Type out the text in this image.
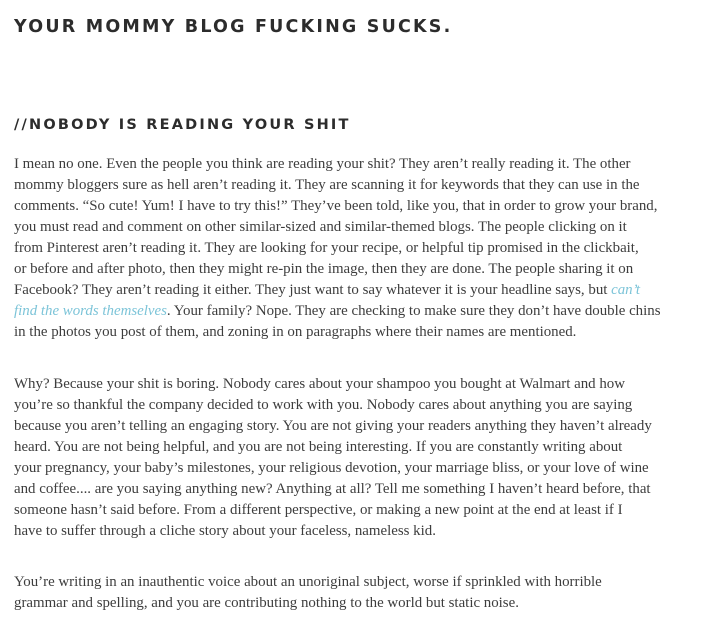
YOUR MOMMY BLOG FUCKING SUCKS.
//NOBODY IS READING YOUR SHIT

I mean no one. Even the people you think are reading your shit? They aren’t really reading it. The other
mommy bloggers sure as hell aren’t reading it. They are scanning it for keywords that they can use in the
comments. “So cute! Yum! I have to try this!” They’ve been told, like you, that in order to grow your brand,
you must read and comment on other similar-sized and similar-themed blogs. The people clicking on it
from Pinterest aren’t reading it. They are looking for your recipe, or helpful tip promised in the clickbait,
or before and after photo, then they might re-pin the image, then they are done. The people sharing it on
Facebook? They aren’t reading it either. They just want to say whatever it is your headline says, but can’t
find the words themselves. Your family? Nope. They are checking to make sure they don’t have double chins
in the photos you post of them, and zoning in on paragraphs where their names are mentioned.

Why? Because your shit is boring. Nobody cares about your shampoo you bought at Walmart and how
you’re so thankful the company decided to work with you. Nobody cares about anything you are saying
because you aren’t telling an engaging story. You are not giving your readers anything they haven’t already
heard. You are not being helpful, and you are not being interesting. If you are constantly writing about
your pregnancy, your baby’s milestones, your religious devotion, your marriage bliss, or your love of wine
and coffee.... are you saying anything new? Anything at all? Tell me something I haven’t heard before, that
someone hasn’t said before. From a different perspective, or making a new point at the end at least if I
have to suffer through a cliche story about your faceless, nameless kid.

You’re writing in an inauthentic voice about an unoriginal subject, worse if sprinkled with horrible
grammar and spelling, and you are contributing nothing to the world but static noise.
